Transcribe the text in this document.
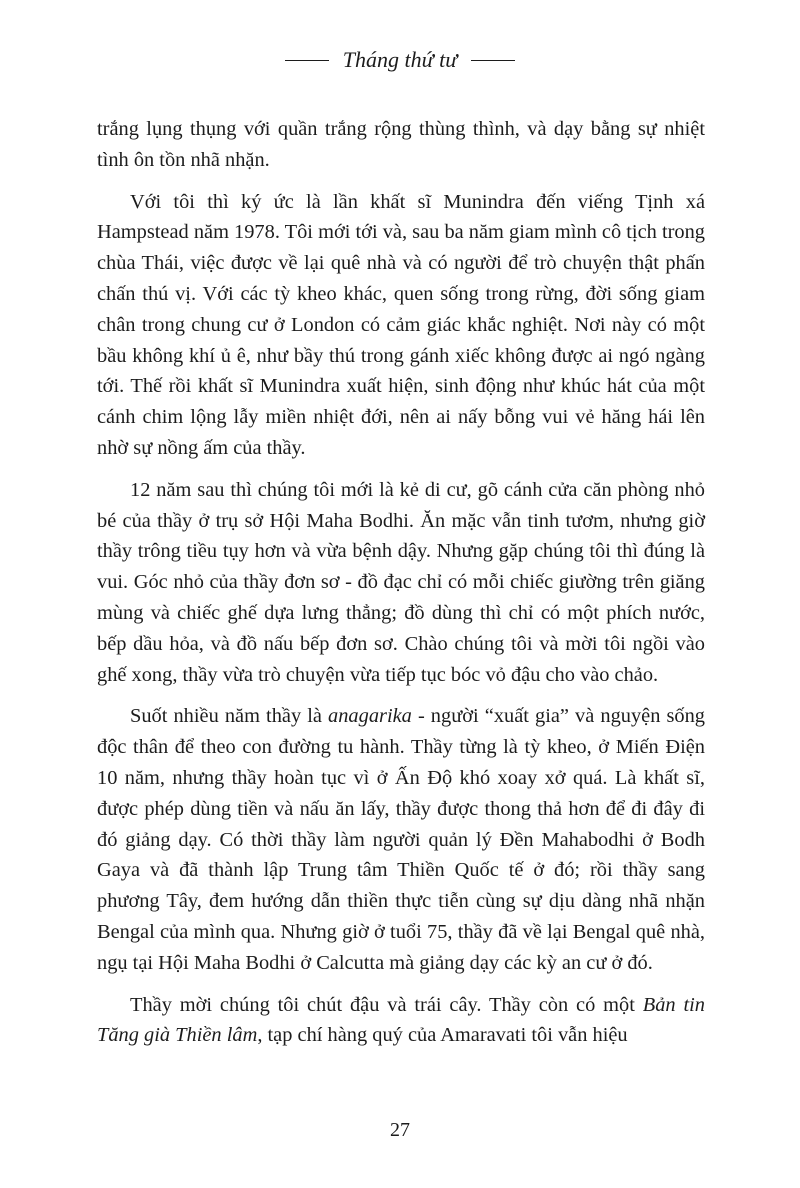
Tháng thứ tư

trắng lụng thụng với quần trắng rộng thùng thình, và dạy bằng sự nhiệt tình ôn tồn nhã nhặn.

Với tôi thì ký ức là lần khất sĩ Munindra đến viếng Tịnh xá Hampstead năm 1978. Tôi mới tới và, sau ba năm giam mình cô tịch trong chùa Thái, việc được về lại quê nhà và có người để trò chuyện thật phấn chấn thú vị. Với các tỳ kheo khác, quen sống trong rừng, đời sống giam chân trong chung cư ở London có cảm giác khắc nghiệt. Nơi này có một bầu không khí ủ ê, như bầy thú trong gánh xiếc không được ai ngó ngàng tới. Thế rồi khất sĩ Munindra xuất hiện, sinh động như khúc hát của một cánh chim lộng lẫy miền nhiệt đới, nên ai nấy bỗng vui vẻ hăng hái lên nhờ sự nồng ấm của thầy.

12 năm sau thì chúng tôi mới là kẻ di cư, gõ cánh cửa căn phòng nhỏ bé của thầy ở trụ sở Hội Maha Bodhi. Ăn mặc vẫn tinh tươm, nhưng giờ thầy trông tiều tụy hơn và vừa bệnh dậy. Nhưng gặp chúng tôi thì đúng là vui. Góc nhỏ của thầy đơn sơ - đồ đạc chỉ có mỗi chiếc giường trên giăng mùng và chiếc ghế dựa lưng thẳng; đồ dùng thì chỉ có một phích nước, bếp dầu hỏa, và đồ nấu bếp đơn sơ. Chào chúng tôi và mời tôi ngồi vào ghế xong, thầy vừa trò chuyện vừa tiếp tục bóc vỏ đậu cho vào chảo.

Suốt nhiều năm thầy là anagarika - người “xuất gia” và nguyện sống độc thân để theo con đường tu hành. Thầy từng là tỳ kheo, ở Miến Điện 10 năm, nhưng thầy hoàn tục vì ở Ấn Độ khó xoay xở quá. Là khất sĩ, được phép dùng tiền và nấu ăn lấy, thầy được thong thả hơn để đi đây đi đó giảng dạy. Có thời thầy làm người quản lý Đền Mahabodhi ở Bodh Gaya và đã thành lập Trung tâm Thiền Quốc tế ở đó; rồi thầy sang phương Tây, đem hướng dẫn thiền thực tiễn cùng sự dịu dàng nhã nhặn Bengal của mình qua. Nhưng giờ ở tuổi 75, thầy đã về lại Bengal quê nhà, ngụ tại Hội Maha Bodhi ở Calcutta mà giảng dạy các kỳ an cư ở đó.

Thầy mời chúng tôi chút đậu và trái cây. Thầy còn có một Bản tin Tăng già Thiền lâm, tạp chí hàng quý của Amaravati tôi vẫn hiệu

27
